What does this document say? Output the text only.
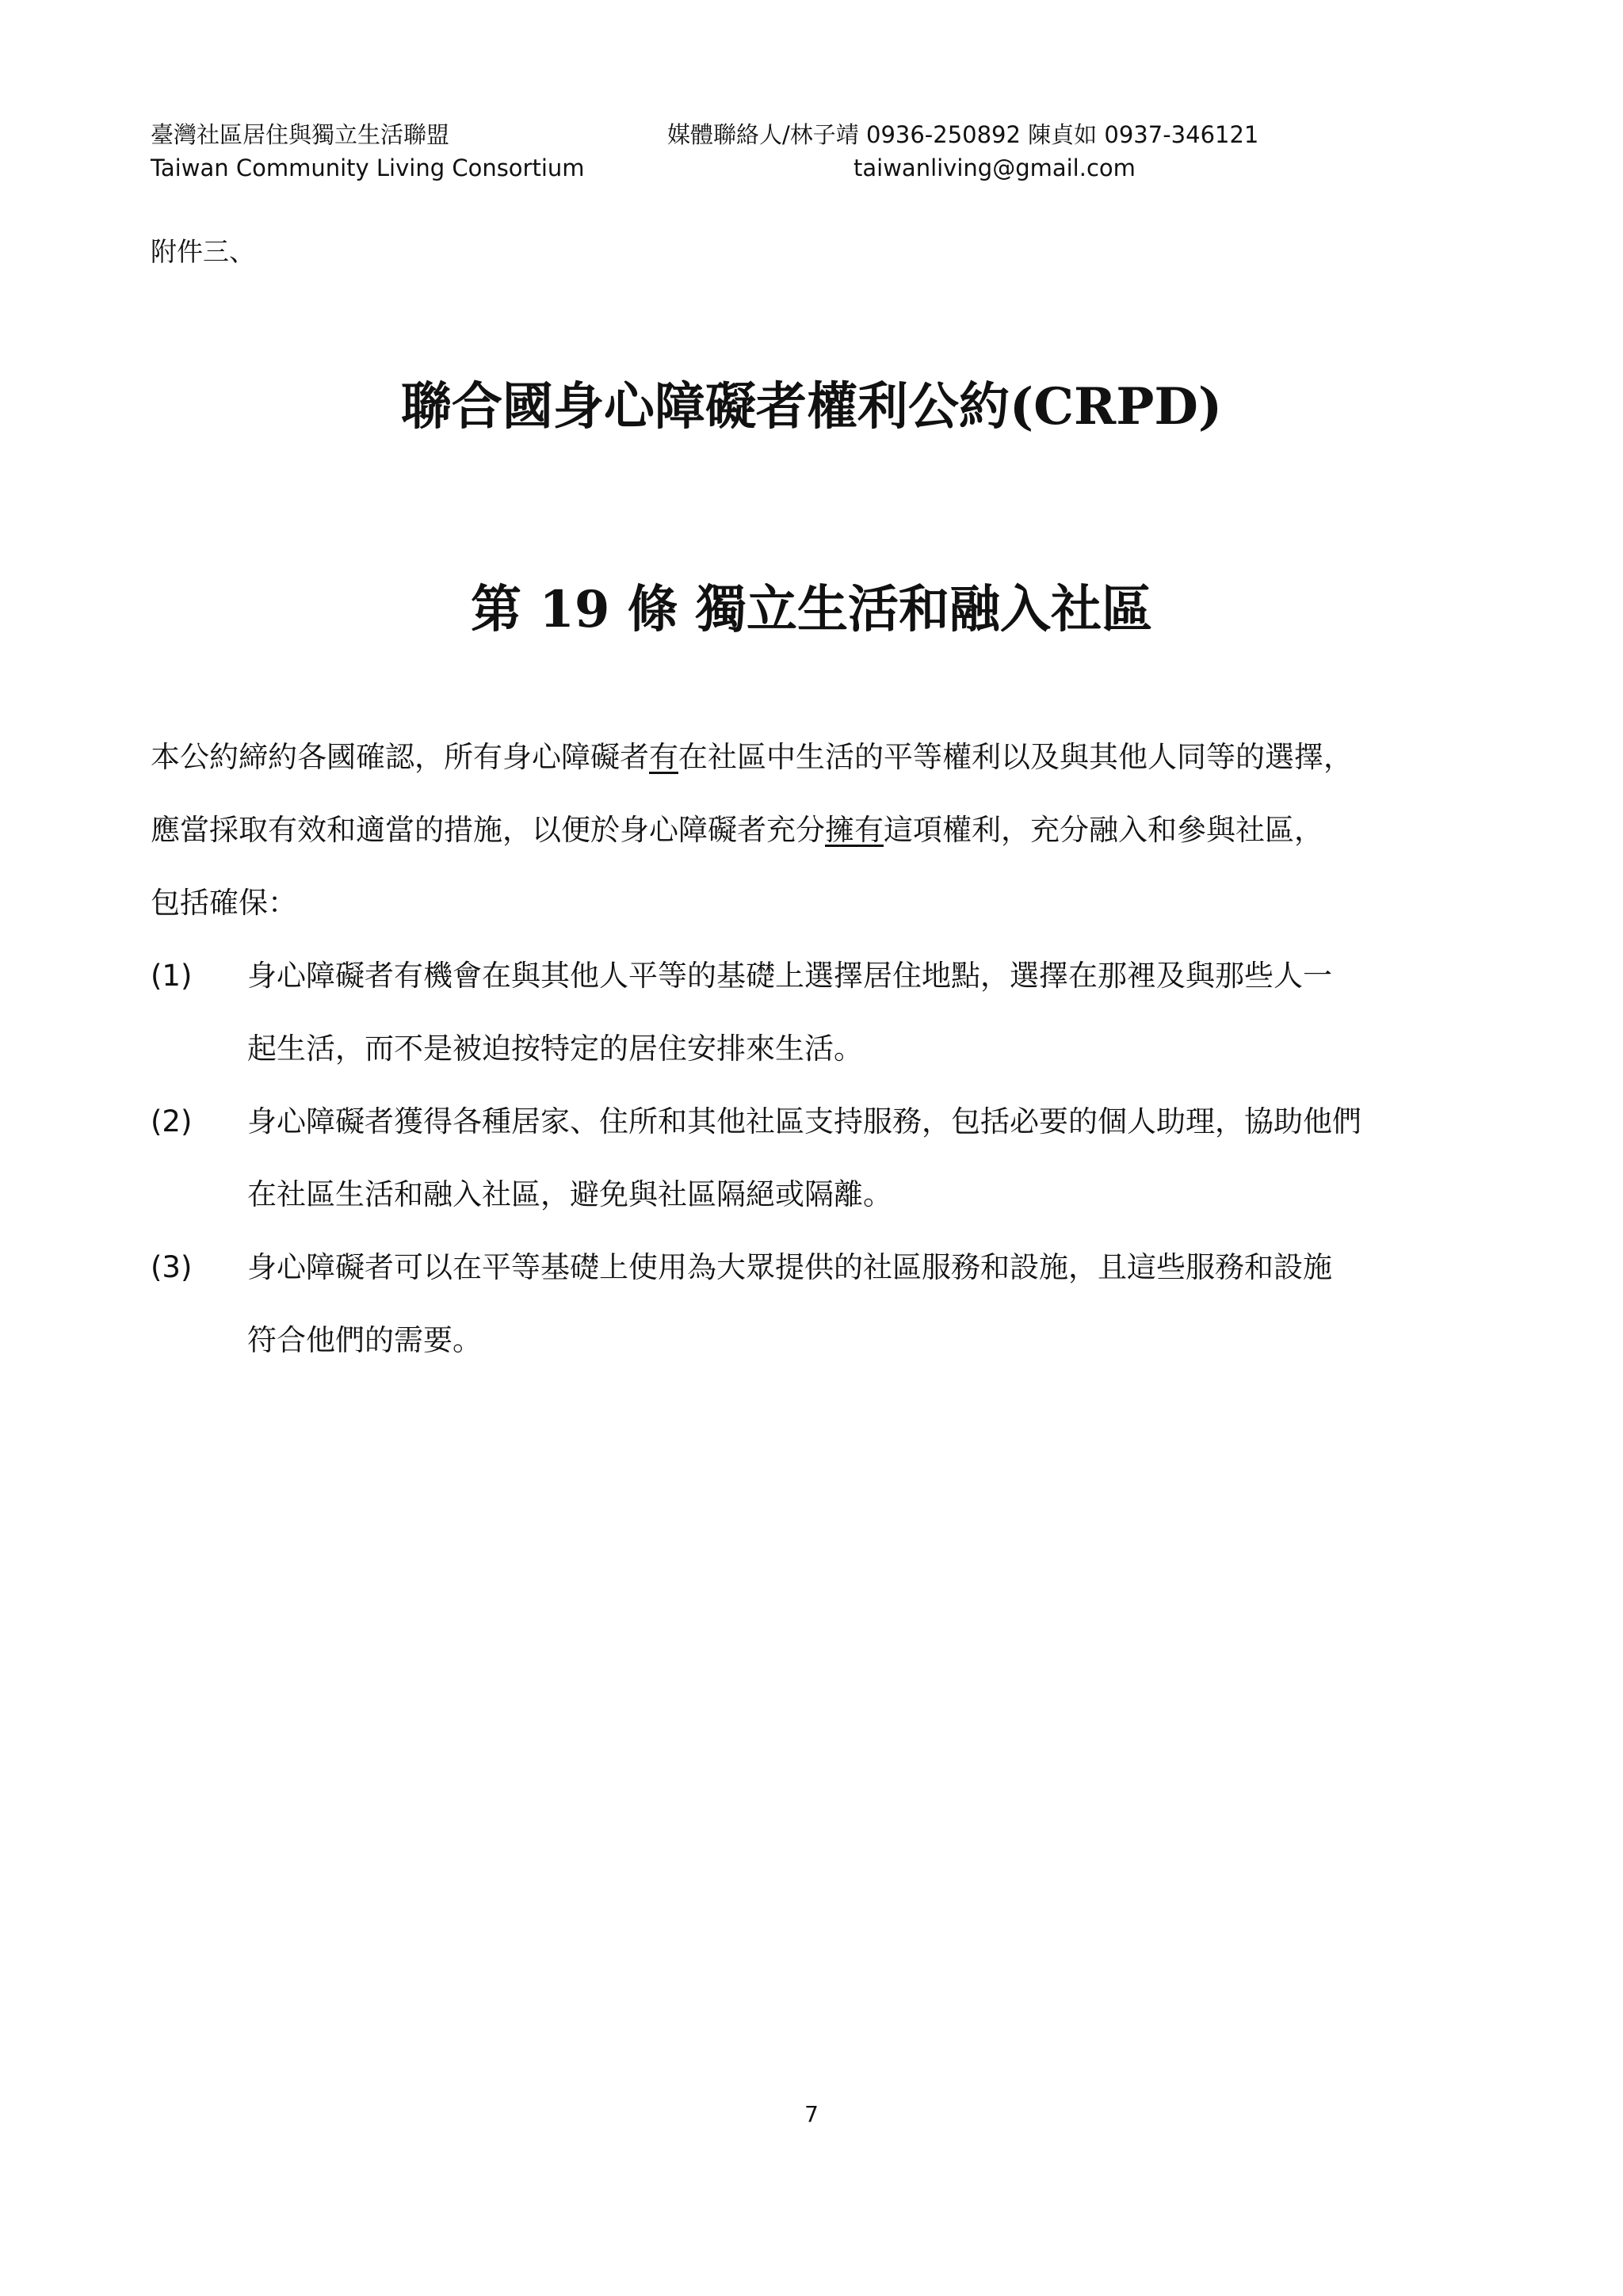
臺灣社區居住與獨立生活聯盟
Taiwan Community Living Consortium
媒體聯絡人/林子靖 0936-250892 陳貞如 0937-346121
taiwanliving@gmail.com
附件三、
聯合國身心障礙者權利公約(CRPD)
第 19 條 獨立生活和融入社區
本公約締約各國確認，所有身心障礙者有在社區中生活的平等權利以及與其他人同等的選擇，
應當採取有效和適當的措施，以便於身心障礙者充分擁有這項權利，充分融入和參與社區，
包括確保：
(1) 身心障礙者有機會在與其他人平等的基礎上選擇居住地點，選擇在那裡及與那些人一
起生活，而不是被迫按特定的居住安排來生活。
(2) 身心障礙者獲得各種居家、住所和其他社區支持服務，包括必要的個人助理，協助他們
在社區生活和融入社區，避免與社區隔絕或隔離。
(3) 身心障礙者可以在平等基礎上使用為大眾提供的社區服務和設施，且這些服務和設施
符合他們的需要。
7
